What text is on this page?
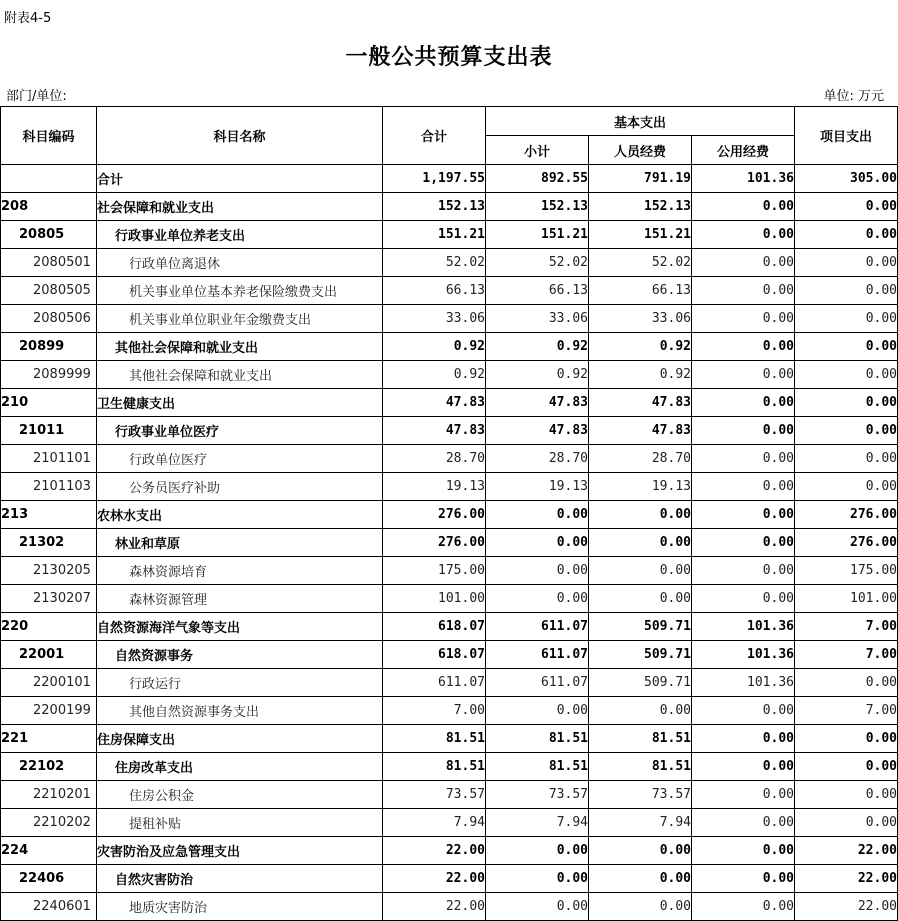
附表4-5
一般公共预算支出表
部门/单位:	单位: 万元
科目编码	科目名称	合计	基本支出			项目支出
			小计	人员经费	公用经费	
	合计	1,197.55	892.55	791.19	101.36	305.00
208	社会保障和就业支出	152.13	152.13	152.13	0.00	0.00
20805	行政事业单位养老支出	151.21	151.21	151.21	0.00	0.00
2080501	行政单位离退休	52.02	52.02	52.02	0.00	0.00
2080505	机关事业单位基本养老保险缴费支出	66.13	66.13	66.13	0.00	0.00
2080506	机关事业单位职业年金缴费支出	33.06	33.06	33.06	0.00	0.00
20899	其他社会保障和就业支出	0.92	0.92	0.92	0.00	0.00
2089999	其他社会保障和就业支出	0.92	0.92	0.92	0.00	0.00
210	卫生健康支出	47.83	47.83	47.83	0.00	0.00
21011	行政事业单位医疗	47.83	47.83	47.83	0.00	0.00
2101101	行政单位医疗	28.70	28.70	28.70	0.00	0.00
2101103	公务员医疗补助	19.13	19.13	19.13	0.00	0.00
213	农林水支出	276.00	0.00	0.00	0.00	276.00
21302	林业和草原	276.00	0.00	0.00	0.00	276.00
2130205	森林资源培育	175.00	0.00	0.00	0.00	175.00
2130207	森林资源管理	101.00	0.00	0.00	0.00	101.00
220	自然资源海洋气象等支出	618.07	611.07	509.71	101.36	7.00
22001	自然资源事务	618.07	611.07	509.71	101.36	7.00
2200101	行政运行	611.07	611.07	509.71	101.36	0.00
2200199	其他自然资源事务支出	7.00	0.00	0.00	0.00	7.00
221	住房保障支出	81.51	81.51	81.51	0.00	0.00
22102	住房改革支出	81.51	81.51	81.51	0.00	0.00
2210201	住房公积金	73.57	73.57	73.57	0.00	0.00
2210202	提租补贴	7.94	7.94	7.94	0.00	0.00
224	灾害防治及应急管理支出	22.00	0.00	0.00	0.00	22.00
22406	自然灾害防治	22.00	0.00	0.00	0.00	22.00
2240601	地质灾害防治	22.00	0.00	0.00	0.00	22.00
